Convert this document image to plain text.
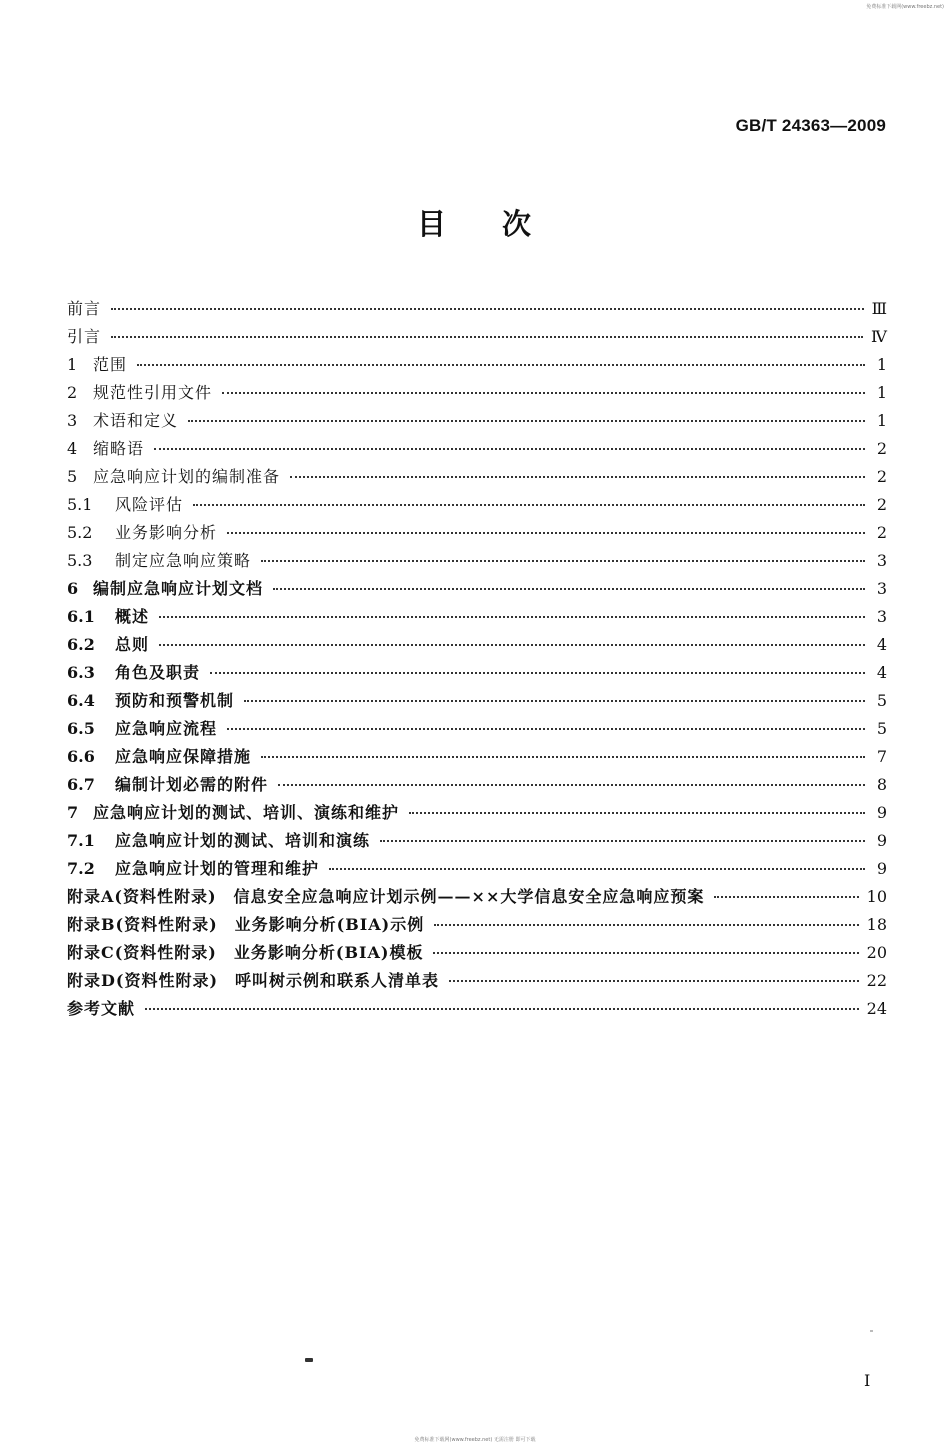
免费标准下载网(www.freebz.net)
GB/T 24363—2009
目 次
前言	Ⅲ
引言	Ⅳ
1 范围	1
2 规范性引用文件	1
3 术语和定义	1
4 缩略语	2
5 应急响应计划的编制准备	2
5.1	风险评估	2
5.2	业务影响分析	2
5.3	制定应急响应策略	3
6 编制应急响应计划文档	3
6.1	概述	3
6.2	总则	4
6.3	角色及职责	4
6.4	预防和预警机制	5
6.5	应急响应流程	5
6.6	应急响应保障措施	7
6.7	编制计划必需的附件	8
7 应急响应计划的测试、培训、演练和维护	9
7.1	应急响应计划的测试、培训和演练	9
7.2	应急响应计划的管理和维护	9
附录A(资料性附录)　信息安全应急响应计划示例——××大学信息安全应急响应预案	10
附录B(资料性附录)　业务影响分析(BIA)示例	18
附录C(资料性附录)　业务影响分析(BIA)模板	20
附录D(资料性附录)　呼叫树示例和联系人清单表	22
参考文献	24
I
免费标准下载网(www.freebz.net) 无需注册 即可下载
